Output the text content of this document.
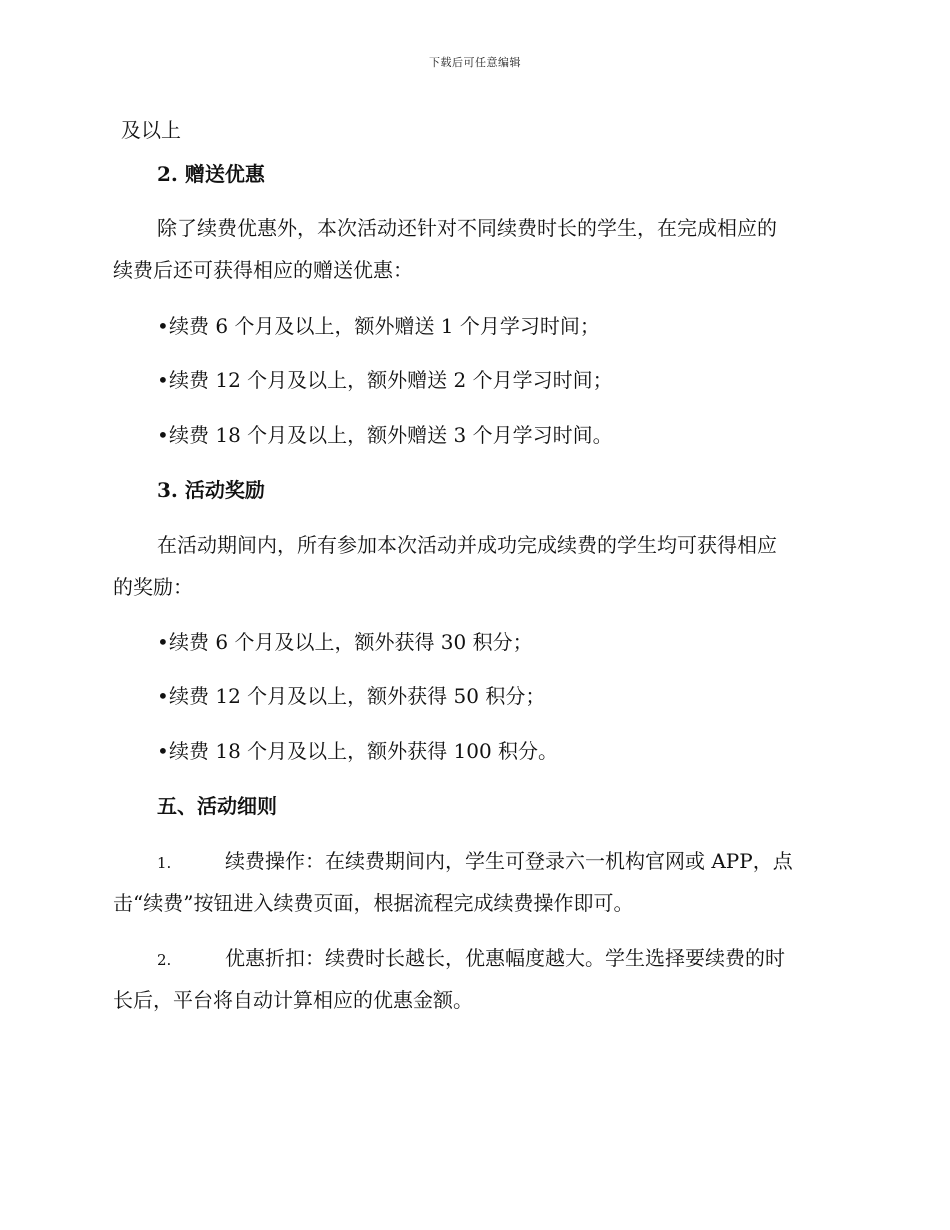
下载后可任意编辑
及以上
2. 赠送优惠
除了续费优惠外，本次活动还针对不同续费时长的学生，在完成相应的
续费后还可获得相应的赠送优惠：
•续费 6 个月及以上，额外赠送 1 个月学习时间；
•续费 12 个月及以上，额外赠送 2 个月学习时间；
•续费 18 个月及以上，额外赠送 3 个月学习时间。
3. 活动奖励
在活动期间内，所有参加本次活动并成功完成续费的学生均可获得相应
的奖励：
•续费 6 个月及以上，额外获得 30 积分；
•续费 12 个月及以上，额外获得 50 积分；
•续费 18 个月及以上，额外获得 100 积分。
五、活动细则
1.	续费操作：在续费期间内，学生可登录六一机构官网或 APP，点
击“续费”按钮进入续费页面，根据流程完成续费操作即可。
2.	优惠折扣：续费时长越长，优惠幅度越大。学生选择要续费的时
长后，平台将自动计算相应的优惠金额。
